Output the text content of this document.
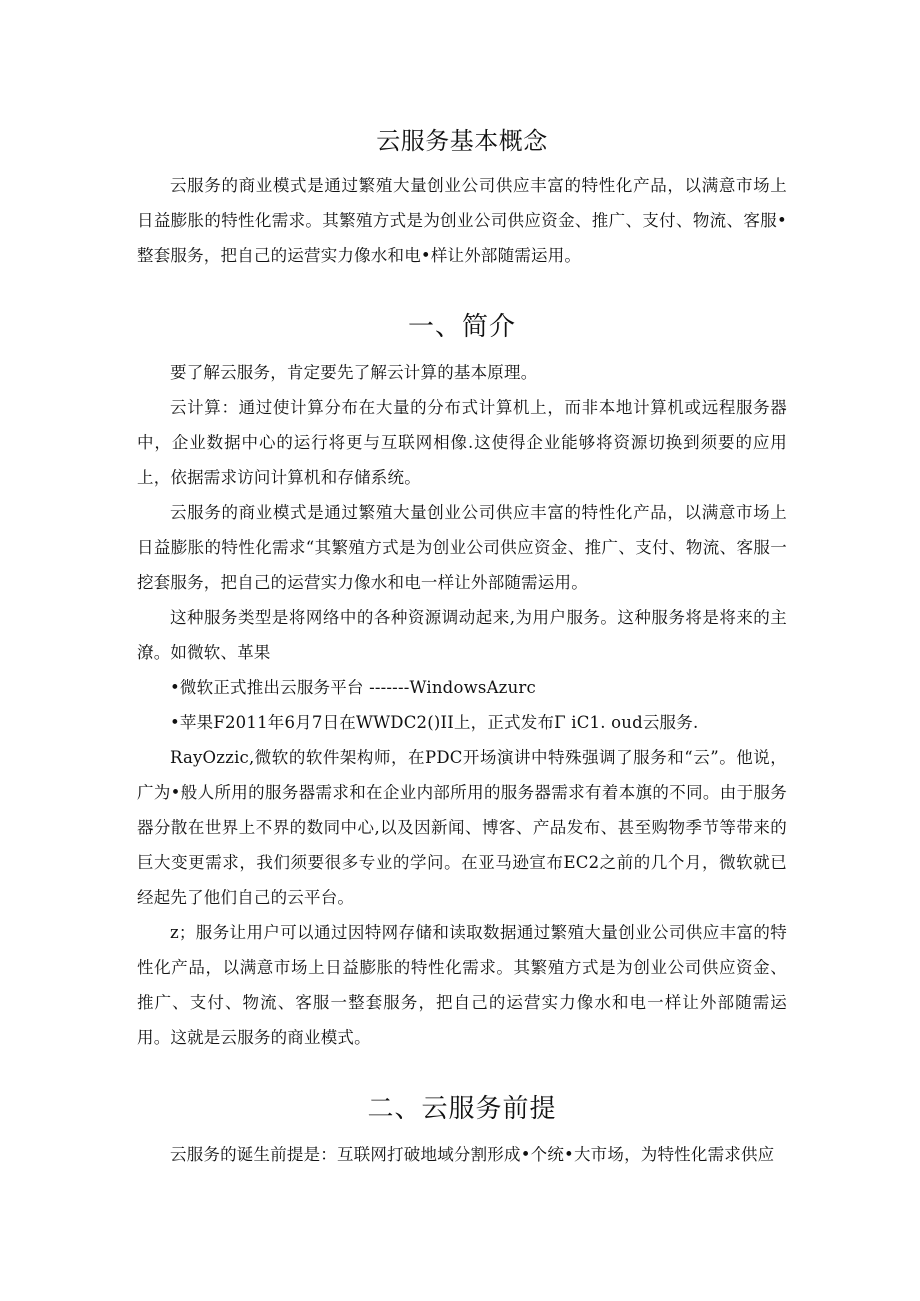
云服务基本概念

云服务的商业模式是通过繁殖大量创业公司供应丰富的特性化产品，以满意市场上日益膨胀的特性化需求。其繁殖方式是为创业公司供应资金、推广、支付、物流、客服•整套服务，把自己的运营实力像水和电•样让外部随需运用。

一、简介

要了解云服务，肯定要先了解云计算的基本原理。

云计算：通过使计算分布在大量的分布式计算机上，而非本地计算机或远程服务器中，企业数据中心的运行将更与互联网相像.这使得企业能够将资源切换到须要的应用上，依据需求访问计算机和存储系统。

云服务的商业模式是通过繁殖大量创业公司供应丰富的特性化产品，以满意市场上日益膨胀的特性化需求“其繁殖方式是为创业公司供应资金、推广、支付、物流、客服一挖套服务，把自己的运营实力像水和电一样让外部随需运用。

这种服务类型是将网络中的各种资源调动起来,为用户服务。这种服务将是将来的主潦。如微软、革果

•微软正式推出云服务平台 -------WindowsAzurc

•苹果F2011年6月7日在WWDC2()II上，正式发布Γ iC1. oud云服务.

RayOzzic,微软的软件架构师，在PDC开场演讲中特殊强调了服务和“云”。他说，广为•般人所用的服务器需求和在企业内部所用的服务器需求有着本旗的不同。由于服务器分散在世界上不界的数同中心,以及因新闻、博客、产品发布、甚至购物季节等带来的巨大变更需求，我们须要很多专业的学问。在亚马逊宣布EC2之前的几个月，微软就已经起先了他们自己的云平台。

z；服务让用户可以通过因特网存储和读取数据通过繁殖大量创业公司供应丰富的特性化产品，以满意市场上日益膨胀的特性化需求。其繁殖方式是为创业公司供应资金、推广、支付、物流、客服一整套服务，把自己的运营实力像水和电一样让外部随需运用。这就是云服务的商业模式。

二、云服务前提

云服务的诞生前提是：互联网打破地域分割形成•个统•大市场，为特性化需求供应
